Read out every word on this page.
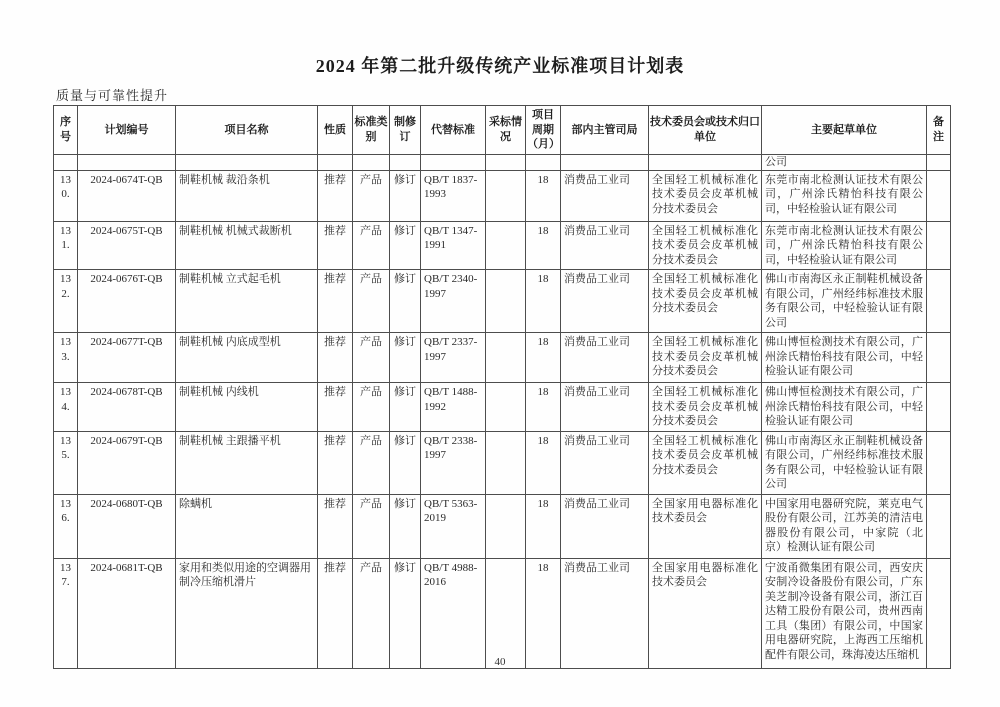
2024 年第二批升级传统产业标准项目计划表
质量与可靠性提升
序号	计划编号	项目名称	性质	标准类别	制修订	代替标准	采标情况	项目周期（月）	部内主管司局	技术委员会或技术归口单位	主要起草单位	备注
											公司	
130.	2024-0674T-QB	制鞋机械 裁沿条机	推荐	产品	修订	QB/T 1837-1993		18	消费品工业司	全国轻工机械标准化技术委员会皮革机械分技术委员会	东莞市南北检测认证技术有限公司，广州涂氏精怡科技有限公司，中轻检验认证有限公司	
131.	2024-0675T-QB	制鞋机械 机械式裁断机	推荐	产品	修订	QB/T 1347-1991		18	消费品工业司	全国轻工机械标准化技术委员会皮革机械分技术委员会	东莞市南北检测认证技术有限公司，广州涂氏精怡科技有限公司，中轻检验认证有限公司	
132.	2024-0676T-QB	制鞋机械 立式起毛机	推荐	产品	修订	QB/T 2340-1997		18	消费品工业司	全国轻工机械标准化技术委员会皮革机械分技术委员会	佛山市南海区永正制鞋机械设备有限公司，广州经纬标准技术服务有限公司，中轻检验认证有限公司	
133.	2024-0677T-QB	制鞋机械 内底成型机	推荐	产品	修订	QB/T 2337-1997		18	消费品工业司	全国轻工机械标准化技术委员会皮革机械分技术委员会	佛山博恒检测技术有限公司，广州涂氏精怡科技有限公司，中轻检验认证有限公司	
134.	2024-0678T-QB	制鞋机械 内线机	推荐	产品	修订	QB/T 1488-1992		18	消费品工业司	全国轻工机械标准化技术委员会皮革机械分技术委员会	佛山博恒检测技术有限公司，广州涂氏精怡科技有限公司，中轻检验认证有限公司	
135.	2024-0679T-QB	制鞋机械 主跟播平机	推荐	产品	修订	QB/T 2338-1997		18	消费品工业司	全国轻工机械标准化技术委员会皮革机械分技术委员会	佛山市南海区永正制鞋机械设备有限公司，广州经纬标准技术服务有限公司，中轻检验认证有限公司	
136.	2024-0680T-QB	除螨机	推荐	产品	修订	QB/T 5363-2019		18	消费品工业司	全国家用电器标准化技术委员会	中国家用电器研究院，莱克电气股份有限公司，江苏美的清洁电器股份有限公司，中家院（北京）检测认证有限公司	
137.	2024-0681T-QB	家用和类似用途的空调器用制冷压缩机滑片	推荐	产品	修订	QB/T 4988-2016		18	消费品工业司	全国家用电器标准化技术委员会	宁波甬微集团有限公司，西安庆安制冷设备股份有限公司，广东美芝制冷设备有限公司，浙江百达精工股份有限公司，贵州西南工具（集团）有限公司，中国家用电器研究院，上海西工压缩机配件有限公司，珠海凌达压缩机	
40
